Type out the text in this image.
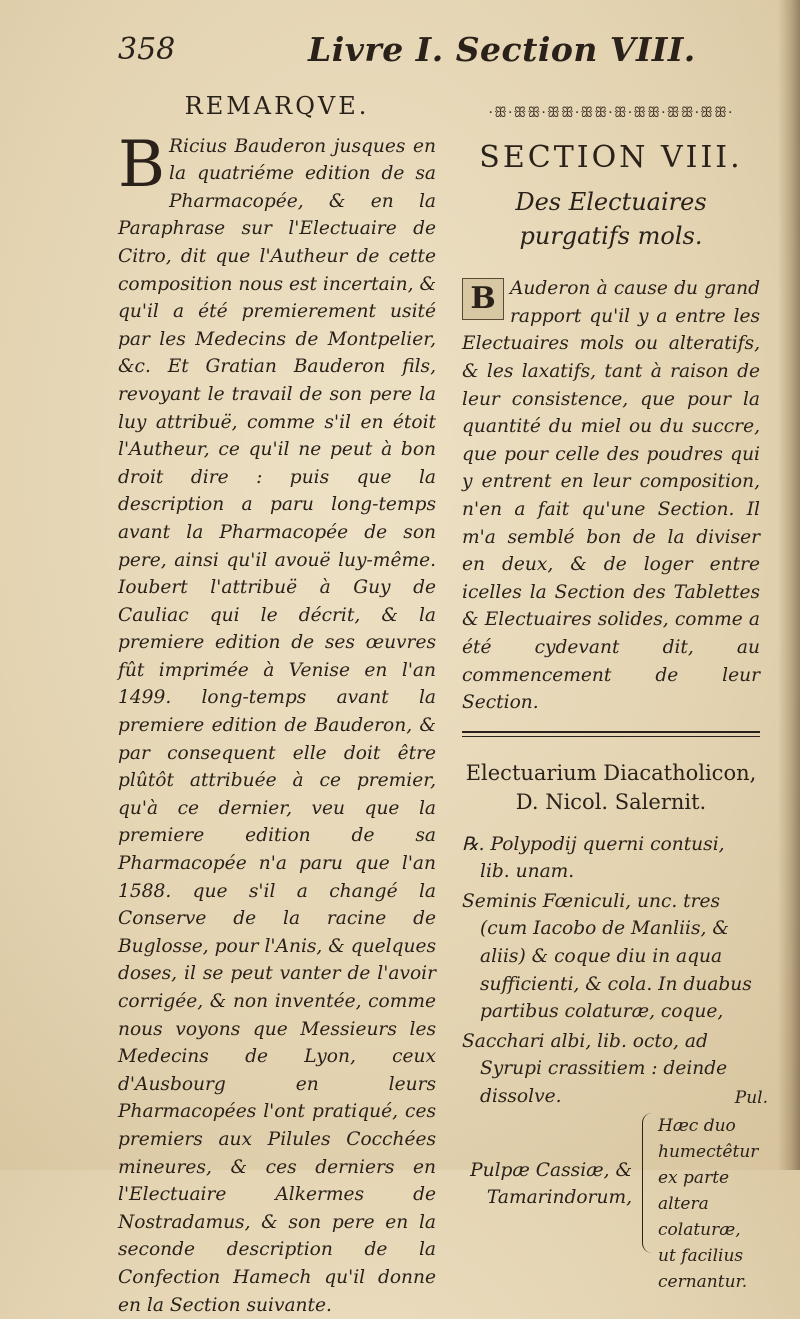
358	Livre I. Section VIII.
REMARQVE.

B Ricius Bauderon jusques en la quatriéme edition de sa Pharmacopée, & en la Paraphrase sur l'Electuaire de Citro, dit que l'Autheur de cette composition nous est incertain, & qu'il a été premierement usité par les Medecins de Montpelier, &c. Et Gratian Bauderon fils, revoyant le travail de son pere la luy attribuë, comme s'il en étoit l'Autheur, ce qu'il ne peut à bon droit dire : puis que la description a paru long-temps avant la Pharmacopée de son pere, ainsi qu'il avouë luy-même. Ioubert l'attribuë à Guy de Cauliac qui le décrit, & la premiere edition de ses œuvres fût imprimée à Venise en l'an 1499. long-temps avant la premiere edition de Bauderon, & par consequent elle doit être plûtôt attribuée à ce premier, qu'à ce dernier, veu que la premiere edition de sa Pharmacopée n'a paru que l'an 1588. que s'il a changé la Conserve de la racine de Buglosse, pour l'Anis, & quelques doses, il se peut vanter de l'avoir corrigée, & non inventée, comme nous voyons que Messieurs les Medecins de Lyon, ceux d'Ausbourg en leurs Pharmacopées l'ont pratiqué, ces premiers aux Pilules Cocchées mineures, & ces derniers en l'Electuaire Alkermes de Nostradamus, & son pere en la seconde description de la Confection Hamech qu'il donne en la Section suivante.

·ꕥ·ꕥꕥ·ꕥꕥ·ꕥꕥ·ꕥ·ꕥꕥ·ꕥꕥ·ꕥꕥ·
SECTION VIII.
Des Electuaires purgatifs mols.

B Auderon à cause du grand rapport qu'il y a entre les Electuaires mols ou alteratifs, & les laxatifs, tant à raison de leur consistence, que pour la quantité du miel ou du succre, que pour celle des poudres qui y entrent en leur composition, n'en a fait qu'une Section. Il m'a semblé bon de la diviser en deux, & de loger entre icelles la Section des Tablettes & Electuaires solides, comme a été cydevant dit, au commencement de leur Section.

Electuarium Diacatholicon, D. Nicol. Salernit.

℞. Polypodij querni contusi, lib. unam.

Seminis Fœniculi, unc. tres (cum Iacobo de Manliis, & aliis) & coque diu in aqua sufficienti, & cola. In duabus partibus colaturæ, coque,

Sacchari albi, lib. octo, ad Syrupi crassitiem : deinde dissolve.

Pulpæ Cassiæ, & Tamarindorum,
Hæc duo humectêtur ex parte altera colaturæ, ut facilius cernantur.
Pul.
